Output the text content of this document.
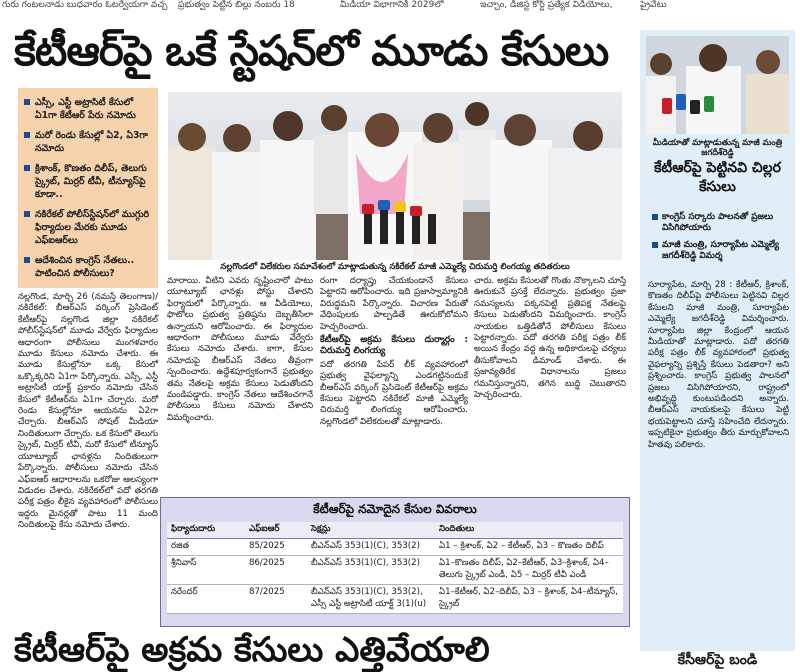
గురు గంటలనాడు బుధవారం ఓటర్వేయగా వచ్చ ప్రభుత్వం పెట్టిన బిల్లు నంబరు 18	మీడియా విభాగానికి 2029లో	ఇచ్చాం, డిజిస్ట కోర్డ్ ప్రత్యేక విడియోలు,	ప్రైవేటు
కేటీఆర్‌పై ఒకే స్టేషన్‌లో మూడు కేసులు
ఎస్సీ, ఎస్టీ అట్రాసిటీ కేసులో ఏ1గా కేటీఆర్ పేరు నమోదు
మరో రెండు కేసుల్లో ఏ2, ఏ3గా నమోదు
క్రిశాంక్, కొణతం దిలీప్, తెలుగు స్క్రైబ్, మిర్రర్ టీవీ, టీన్యూస్‌పై కూడా..
నకిరేకల్ పోలీస్‌స్టేషన్‌లో ముగ్గురి ఫిర్యాదుల మేరకు మూడు ఎఫ్ఐఆర్‌లు
ఆదేశించిన కాంగ్రెస్ నేతలు.. పాటించిన పోలీసులు?
నల్లగొండలో విలేకరుల సమావేశంలో మాట్లాడుతున్న నకిరేకల్ మాజీ ఎమ్మెల్యే చిరుమర్తి లింగయ్య తదితరులు
నల్లగొండ, మార్చి 26 (నమస్తే తెలంగాణ)/నకిరేకల్: బీఆర్ఎస్ వర్కింగ్ ప్రెసిడెంట్ కేటీఆర్‌పై నల్లగొండ జిల్లా నకిరేకల్ పోలీస్‌స్టేషన్‌లో మూడు వేర్వేరు ఫిర్యాదుల ఆధారంగా పోలీసులు మంగళవారం మూడు కేసులు నమోదు చేశారు. ఈ మూడు కేసుల్లోనూ ఒక్క కేసులో ఒక్కొక్కరిని ఏ1గా పేర్కొన్నారు. ఎస్సీ, ఎస్టీ అట్రాసిటీ యాక్ట్ ప్రకారం నమోదు చేసిన కేసులో కేటీఆర్‌ను ఏ1గా చేర్చారు. మరో రెండు కేసుల్లోనూ ఆయనను ఏ2గా చేర్చారు. బీఆర్ఎస్ సోషల్ మీడియా నిందితులుగా చేర్చారు. ఒక కేసులో తెలుగు స్క్రైబ్, మిర్రర్ టీవీ, మరో కేసులో టీన్యూస్ యూట్యూబ్ ఛానళ్లను నిందితులుగా పేర్కొన్నారు. పోలీసులు నమోదు చేసిన ఎఫ్ఐఆర్ ఆధారాలను ఒకరోజు ఆలస్యంగా విడుదల చేశారు. నకిరేకల్‌లో పదో తరగతి పరీక్ష పత్రం లీకైన వ్యవహారంలో పోలీసులు ఇద్దరు మైనర్లతో పాటు 11 మంది నిందితులపై కేసు నమోదు చేశారు.
మారాయి. వీటిని ఎవరు సృష్టించారో పాటు యూట్యూబ్ ఛానళ్లు పోస్టు చేశారని ఫిర్యాదులో పేర్కొన్నారు. ఆ వీడియోలు, ఫొటోలు ప్రభుత్వ ప్రతిష్ఠను దెబ్బతీసేలా ఉన్నాయని ఆరోపించారు. ఈ ఫిర్యాదుల ఆధారంగా పోలీసులు మూడు వేర్వేరు కేసులు నమోదు చేశారు. కాగా, కేసుల నమోదుపై బీఆర్ఎస్ నేతలు తీవ్రంగా స్పందించారు. ఉద్దేశపూర్వకంగానే ప్రభుత్వం తమ నేతలపై అక్రమ కేసులు పెడుతోందని మండిపడ్డారు. కాంగ్రెస్ నేతలు ఆదేశించగానే పోలీసులు కేసులు నమోదు చేశారని విమర్శించారు.
రంగా దర్యాప్తు చేయకుండానే కేసులు పెట్టారని ఆరోపించారు. ఇది ప్రజాస్వామ్యానికి విరుద్ధమని పేర్కొన్నారు. విచారణ పేరుతో వేధింపులకు పాల్పడితే ఊరుకోబోమని హెచ్చరించారు.
కేటీఆర్‌పై అక్రమ కేసులు దుర్మార్గం : చిరుమర్తి లింగయ్య
పదో తరగతి పేపర్ లీక్ వ్యవహారంలో ప్రభుత్వ వైఫల్యాన్ని ఎండగట్టినందుకే బీఆర్ఎస్ వర్కింగ్ ప్రెసిడెంట్ కేటీఆర్‌పై అక్రమ కేసులు పెట్టారని నకిరేకల్ మాజీ ఎమ్మెల్యే చిరుమర్తి లింగయ్య ఆరోపించారు. నల్లగొండలో విలేకరులతో మాట్లాడారు.
చారు. అక్రమ కేసులతో గొంతు నొక్కాలని చూస్తే ఊరుకునే ప్రసక్తే లేదన్నారు. ప్రభుత్వం ప్రజా సమస్యలను పక్కనపెట్టి ప్రతిపక్ష నేతలపై కేసులు పెడుతోందని విమర్శించారు. కాంగ్రెస్ నాయకుల ఒత్తిడితోనే పోలీసులు కేసులు పెట్టారన్నారు. పదో తరగతి పరీక్ష పత్రం లీక్ అయిన కేంద్రం వద్ద ఉన్న అధికారులపై చర్యలు తీసుకోవాలని డిమాండ్ చేశారు. ఈ ప్రజావ్యతిరేక విధానాలను ప్రజలు గమనిస్తున్నారని, తగిన బుద్ధి చెబుతారని హెచ్చరించారు.
కేటీఆర్‌పై నమోదైన కేసుల వివరాలు
ఫిర్యాదుదారు	ఎఫ్ఐఆర్	సెక్షన్లు	నిందితులు
రజిత	85/2025	బీఎన్ఎస్ 353(1)(C), 353(2)	ఏ1 – క్రిశాంక్, ఏ2 – కేటీఆర్, ఏ3 – కొణతం దిలీప్
శ్రీనివాస్	86/2025	బీఎన్ఎస్ 353(1)(C), 353(2)	ఏ1–కొణతం దిలీప్, ఏ2–కేటీఆర్, ఏ3–క్రిశాంక్, ఏ4–తెలుగు స్క్రైబ్ ఎండీ, ఏ5 – మిర్రర్ టీవీ ఎండీ
నరేందర్	87/2025	బీఎన్ఎస్ 353(1)(C), 353(2), ఎస్సీ ఎస్టీ అట్రాసిటీ యాక్ట్ 3(1)(u)	ఏ1–కేటీఆర్, ఏ2–దిలీప్, ఏ3 – క్రిశాంక్, ఏ4–టీన్యూస్, స్క్రైబ్
కేటీఆర్‌పై అక్రమ కేసులు ఎత్తివేయాలి
మీడియాతో మాట్లాడుతున్న మాజీ మంత్రి జగదీశ్‌రెడ్డి
కేటీఆర్‌పై పెట్టినవి చిల్లర కేసులు
కాంగ్రెస్ సర్కారు పాలనతో ప్రజలు విసిగిపోయారు
మాజీ మంత్రి, సూర్యాపేట ఎమ్మెల్యే జగదీశ్‌రెడ్డి విమర్శ
సూర్యాపేట, మార్చి 28 : కేటీఆర్, క్రిశాంక్, కొణతం దిలీప్‌పై పోలీసులు పెట్టినవి చిల్లర కేసులని మాజీ మంత్రి, సూర్యాపేట ఎమ్మెల్యే జగదీశ్‌రెడ్డి విమర్శించారు. సూర్యాపేట జిల్లా కేంద్రంలో ఆయన మీడియాతో మాట్లాడారు. పదో తరగతి పరీక్ష పత్రం లీక్ వ్యవహారంలో ప్రభుత్వ వైఫల్యాన్ని ప్రశ్నిస్తే కేసులు పెడతారా? అని ప్రశ్నించారు. కాంగ్రెస్ ప్రభుత్వ పాలనలో ప్రజలు విసిగిపోయారని, రాష్ట్రంలో అభివృద్ధి కుంటుపడిందని అన్నారు. బీఆర్ఎస్ నాయకులపై కేసులు పెట్టి భయపెట్టాలని చూస్తే సహించేది లేదన్నారు. ఇప్పటికైనా ప్రభుత్వం తీరు మార్చుకోవాలని హితవు పలికారు.
కేసీఆర్‌పై బండి
